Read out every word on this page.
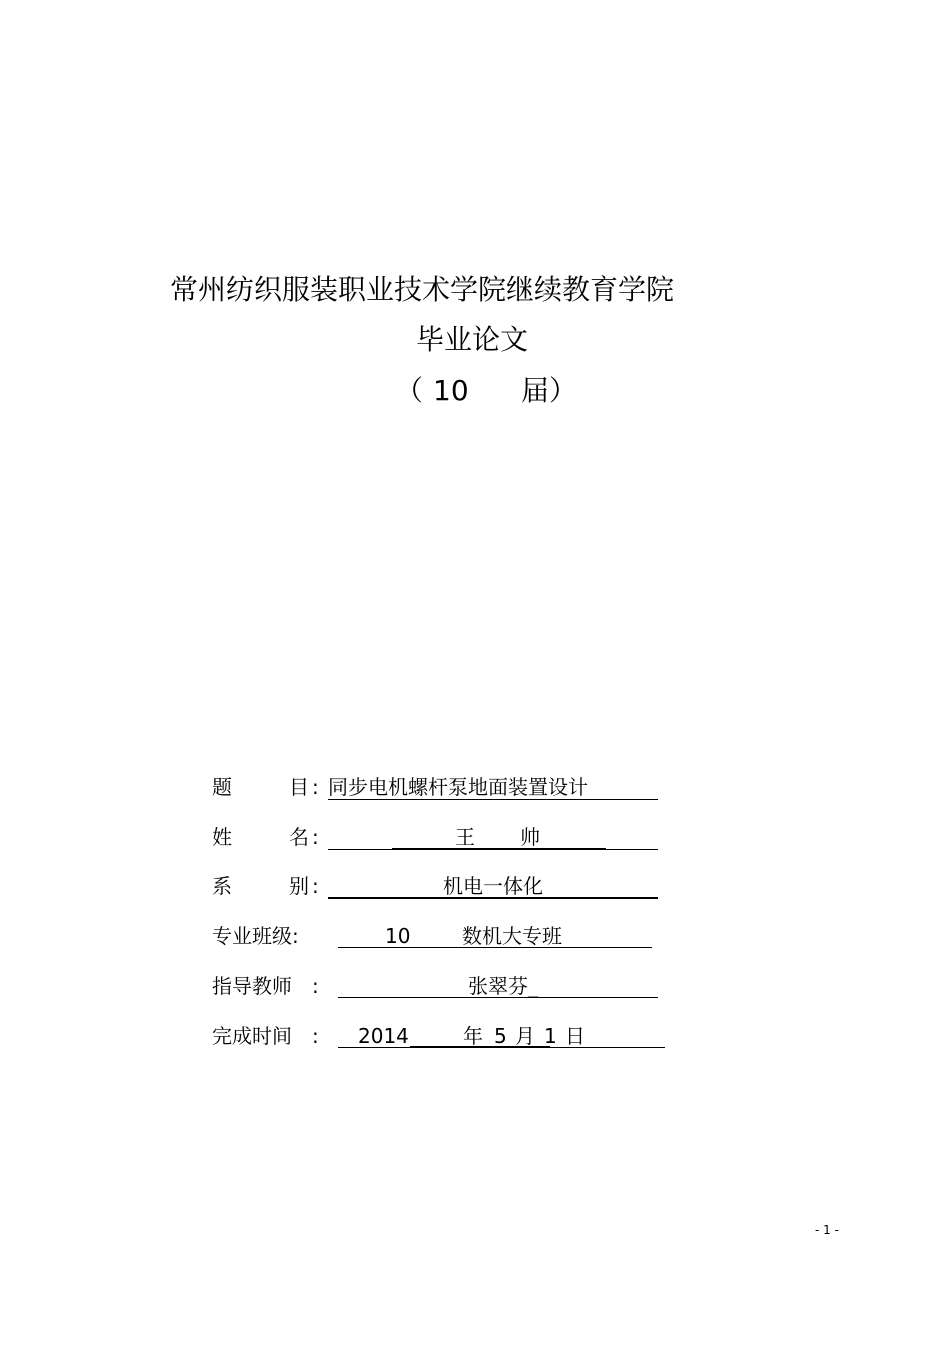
常州纺织服装职业技术学院继续教育学院
毕业论文
（ 10 届）
题	目 : 同步电机螺杆泵地面装置设计
姓	名 :	王 帅
系	别 :	机电一体化
专业班级:	10	数机大专班
指导教师 :	张翠芬_
完成时间 : 2014	年 5 月 1 日
- 1 -
